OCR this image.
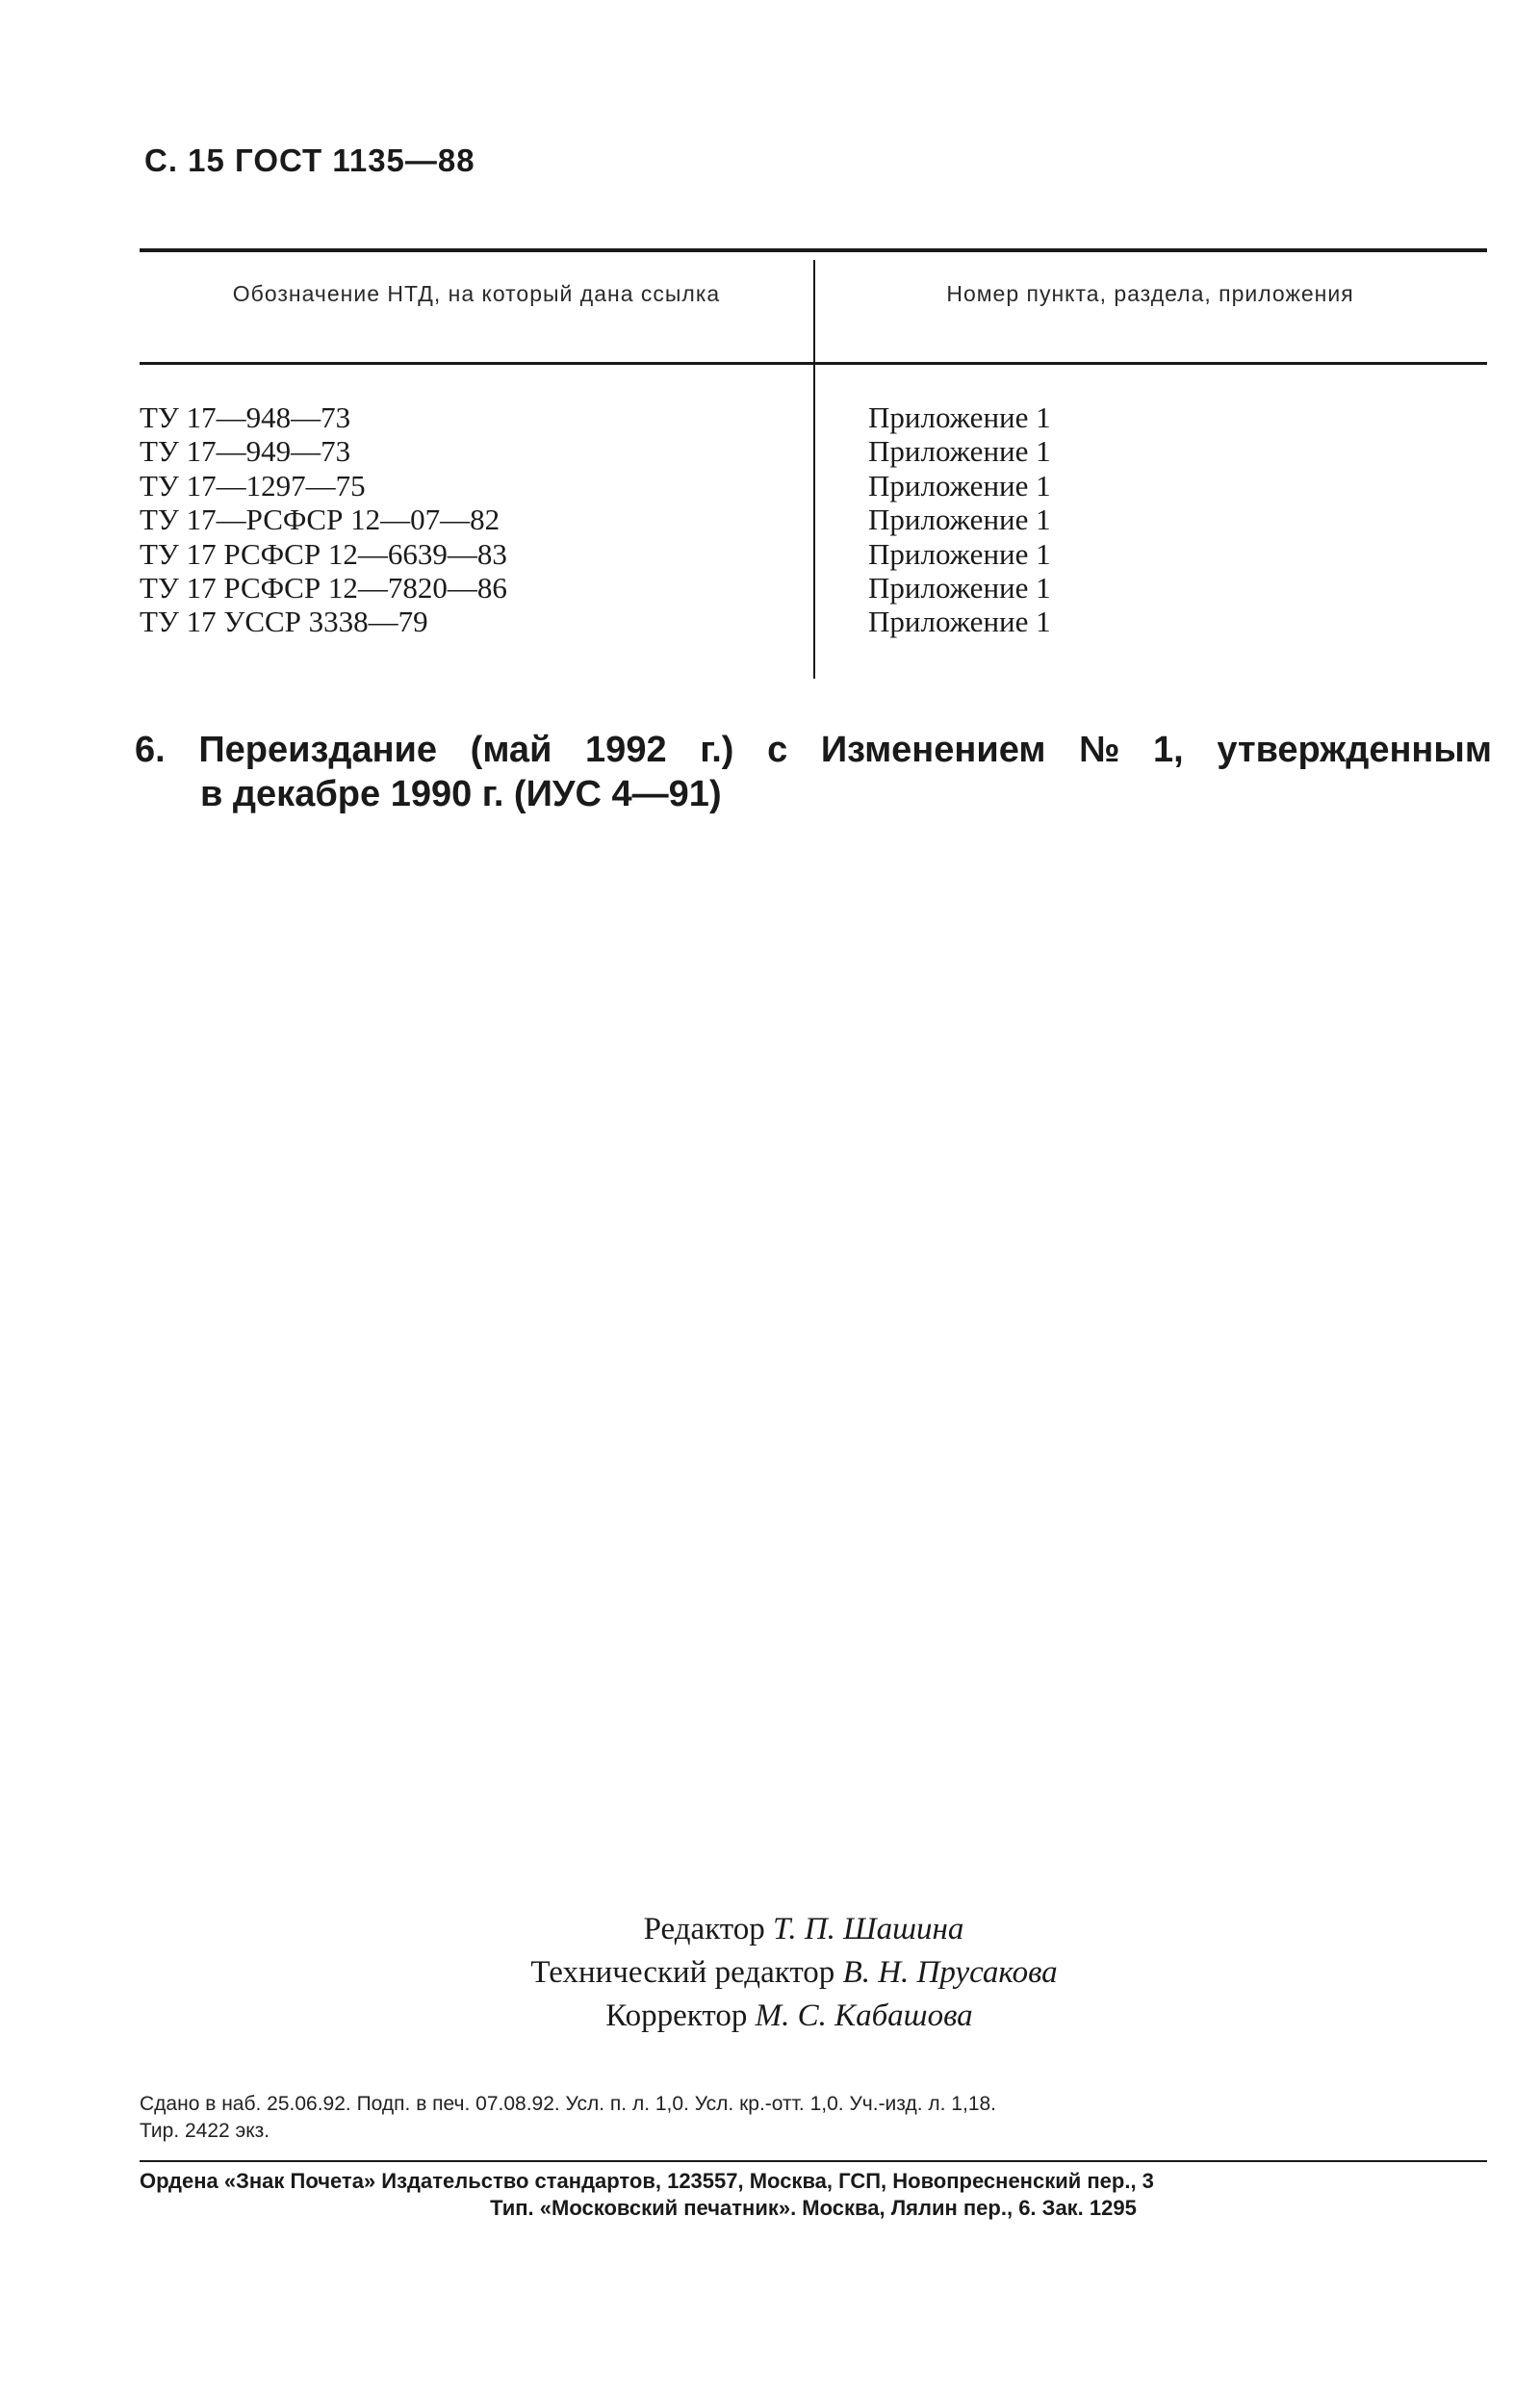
С. 15 ГОСТ 1135—88
Обозначение НТД, на который дана ссылка	Номер пункта, раздела, приложения
ТУ 17—948—73	Приложение 1
ТУ 17—949—73	Приложение 1
ТУ 17—1297—75	Приложение 1
ТУ 17—РСФСР 12—07—82	Приложение 1
ТУ 17 РСФСР 12—6639—83	Приложение 1
ТУ 17 РСФСР 12—7820—86	Приложение 1
ТУ 17 УССР 3338—79	Приложение 1
6. Переиздание (май 1992 г.) с Изменением № 1, утвержденным
в декабре 1990 г. (ИУС 4—91)
Редактор Т. П. Шашина
Технический редактор В. Н. Прусакова
Корректор М. С. Кабашова
Сдано в наб. 25.06.92. Подп. в печ. 07.08.92. Усл. п. л. 1,0. Усл. кр.-отт. 1,0. Уч.-изд. л. 1,18.
Тир. 2422 экз.
Ордена «Знак Почета» Издательство стандартов, 123557, Москва, ГСП, Новопресненский пер., 3
Тип. «Московский печатник». Москва, Лялин пер., 6. Зак. 1295
